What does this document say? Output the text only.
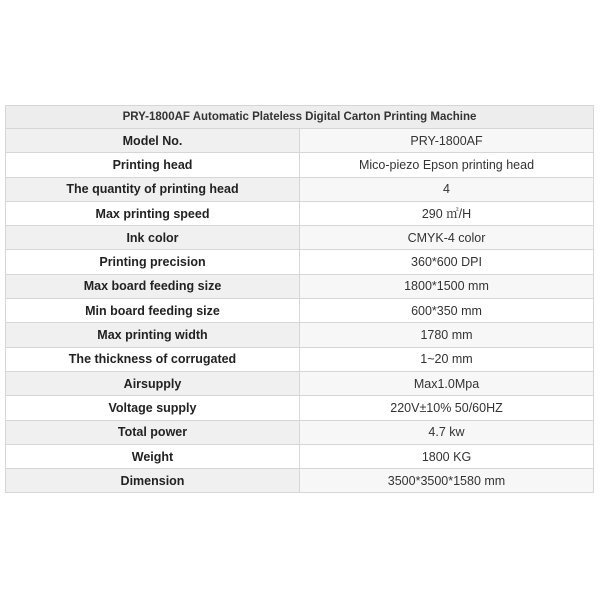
PRY-1800AF Automatic Plateless Digital Carton Printing Machine	
Model No.	PRY-1800AF
Printing head	Mico-piezo Epson printing head
The quantity of printing head	4
Max printing speed	290 ㎡/H
Ink color	CMYK-4 color
Printing precision	360*600 DPI
Max board feeding size	1800*1500 mm
Min board feeding size	600*350 mm
Max printing width	1780 mm
The thickness of corrugated	1~20 mm
Airsupply	Max1.0Mpa
Voltage supply	220V±10% 50/60HZ
Total power	4.7 kw
Weight	1800 KG
Dimension	3500*3500*1580 mm
